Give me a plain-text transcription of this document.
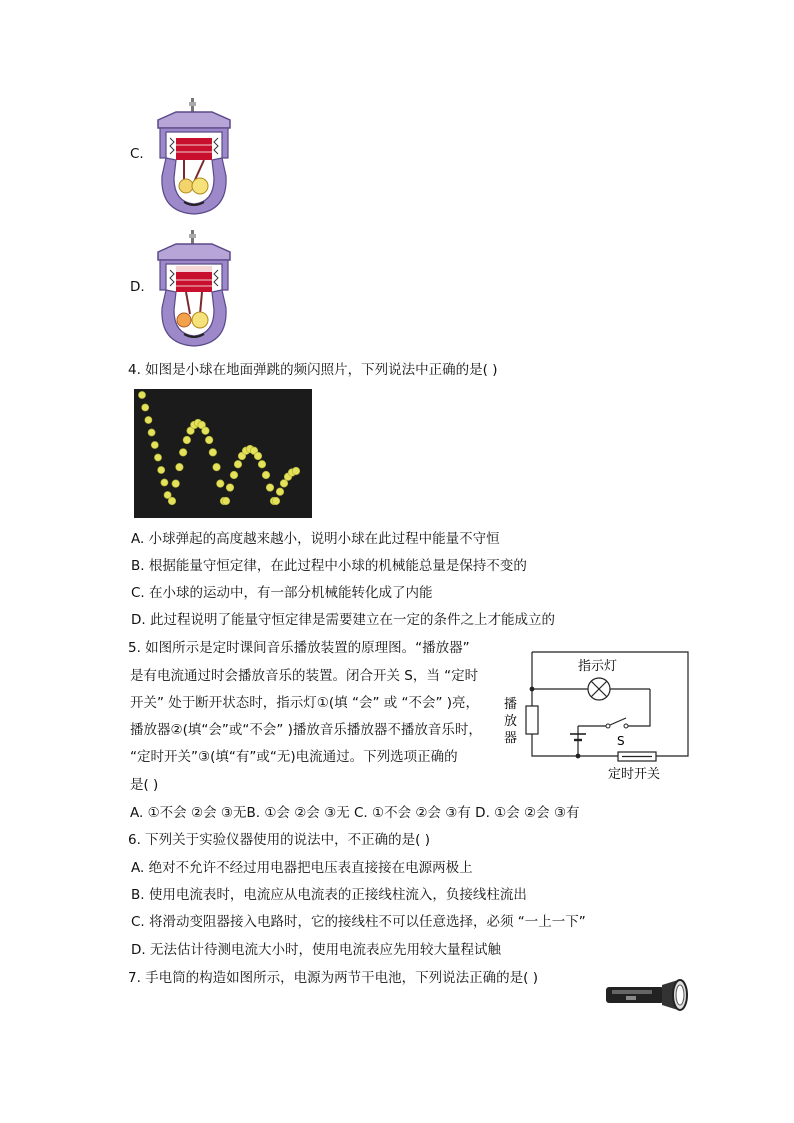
C.
D.
4. 如图是小球在地面弹跳的频闪照片，下列说法中正确的是( )
A. 小球弹起的高度越来越小，说明小球在此过程中能量不守恒
B. 根据能量守恒定律，在此过程中小球的机械能总量是保持不变的
C. 在小球的运动中，有一部分机械能转化成了内能
D. 此过程说明了能量守恒定律是需要建立在一定的条件之上才能成立的
5. 如图所示是定时课间音乐播放装置的原理图。“播放器”
是有电流通过时会播放音乐的装置。闭合开关 S，当 “定时
开关” 处于断开状态时，指示灯①(填 “会” 或 “不会” )亮，
播放器②(填“会”或“不会” )播放音乐播放器不播放音乐时，
“定时开关”③(填“有”或“无)电流通过。下列选项正确的
是( )
指示灯
S
播
放
器
定时开关
A. ①不会 ②会 ③无B. ①会 ②会 ③无 C. ①不会 ②会 ③有 D. ①会 ②会 ③有
6. 下列关于实验仪器使用的说法中，不正确的是( )
A. 绝对不允许不经过用电器把电压表直接接在电源两极上
B. 使用电流表时，电流应从电流表的正接线柱流入，负接线柱流出
C. 将滑动变阻器接入电路时，它的接线柱不可以任意选择，必须 “一上一下”
D. 无法估计待测电流大小时，使用电流表应先用较大量程试触
7. 手电筒的构造如图所示，电源为两节干电池，下列说法正确的是( )
